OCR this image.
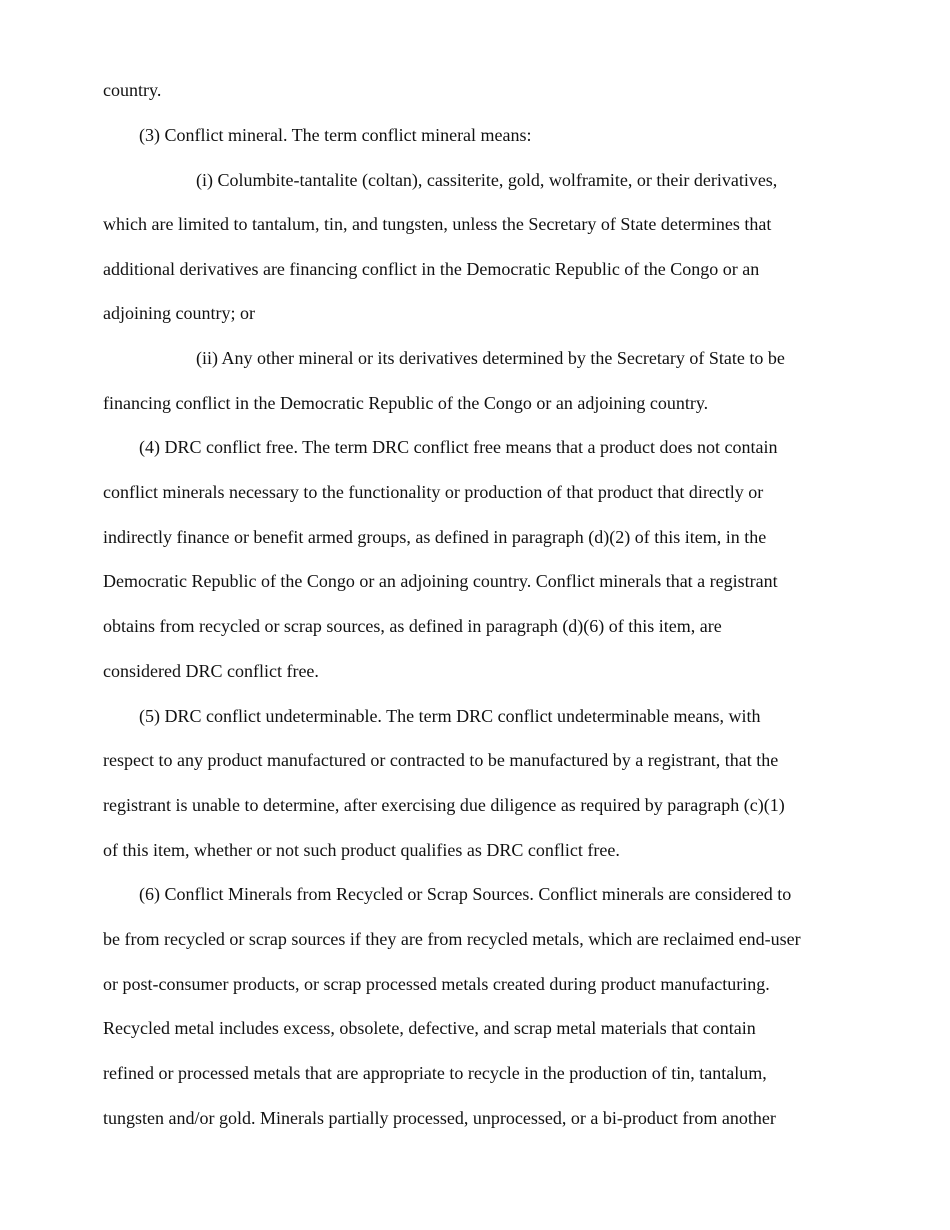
country.

(3) Conflict mineral. The term conflict mineral means:

(i) Columbite-tantalite (coltan), cassiterite, gold, wolframite, or their derivatives,

which are limited to tantalum, tin, and tungsten, unless the Secretary of State determines that

additional derivatives are financing conflict in the Democratic Republic of the Congo or an

adjoining country; or

(ii) Any other mineral or its derivatives determined by the Secretary of State to be

financing conflict in the Democratic Republic of the Congo or an adjoining country.

(4) DRC conflict free. The term DRC conflict free means that a product does not contain

conflict minerals necessary to the functionality or production of that product that directly or

indirectly finance or benefit armed groups, as defined in paragraph (d)(2) of this item, in the

Democratic Republic of the Congo or an adjoining country. Conflict minerals that a registrant

obtains from recycled or scrap sources, as defined in paragraph (d)(6) of this item, are

considered DRC conflict free.

(5) DRC conflict undeterminable. The term DRC conflict undeterminable means, with

respect to any product manufactured or contracted to be manufactured by a registrant, that the

registrant is unable to determine, after exercising due diligence as required by paragraph (c)(1)

of this item, whether or not such product qualifies as DRC conflict free.

(6) Conflict Minerals from Recycled or Scrap Sources. Conflict minerals are considered to

be from recycled or scrap sources if they are from recycled metals, which are reclaimed end-user

or post-consumer products, or scrap processed metals created during product manufacturing.

Recycled metal includes excess, obsolete, defective, and scrap metal materials that contain

refined or processed metals that are appropriate to recycle in the production of tin, tantalum,

tungsten and/or gold. Minerals partially processed, unprocessed, or a bi-product from another
